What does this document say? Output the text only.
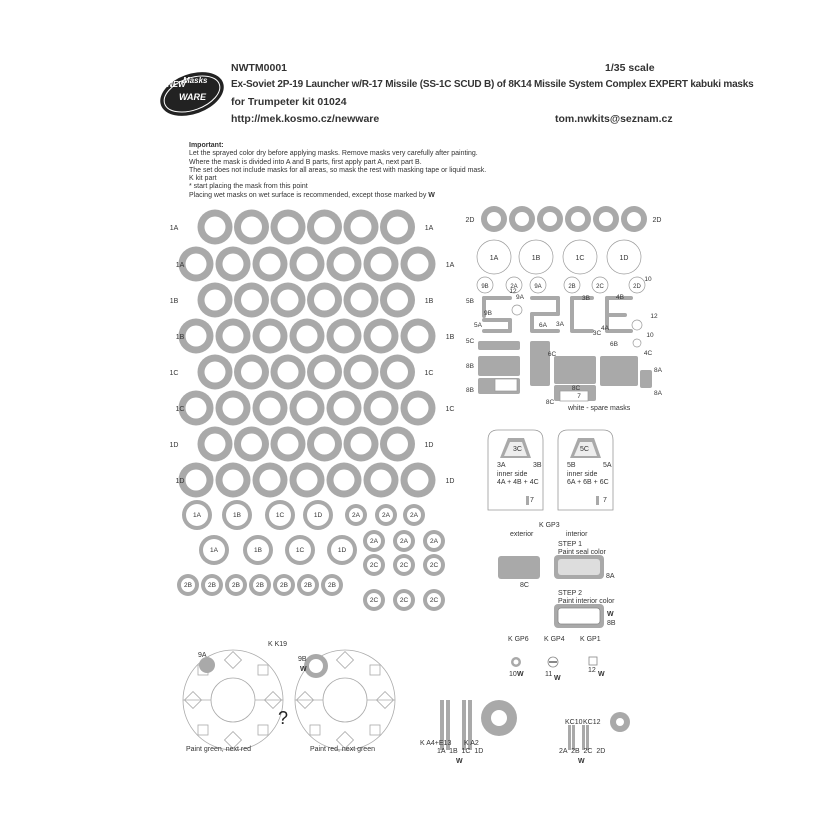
NEW
Masks
WARE
NWTM0001	1/35 scale
Ex-Soviet 2P-19 Launcher w/R-17 Missile (SS-1C SCUD B) of 8K14 Missile System Complex EXPERT kabuki masks
for Trumpeter kit 01024
http://mek.kosmo.cz/newware	tom.nwkits@seznam.cz
Important:
Let the sprayed color dry before applying masks. Remove masks very carefully after painting.
Where the mask is divided into A and B parts, first apply part A, next part B.
The set does not include masks for all areas, so mask the rest with masking tape or liquid mask.
K kit part
* start placing the mask from this point
Placing wet masks on wet surface is recommended, except those marked by W
1A	1A
1A	1A
1B	1B
1B	1B
1C	1C
1C	1C
1D	1D
1D	1D
1A	1B	1C	1D	2A	2A	2A
1A	1B	1C	1D
2A	2A	2A
2C	2C	2C
2C	2C	2C
2B 2B 2B 2B 2B 2B 2B
2D	2D
1A	1B	1C	1D
9B	2A	9A	2B	2C	2D
12
10
5B
9A
9B
4B
5A	6A 3A
4A
3B
12
5C
3C
6B
4C
6C
10
8B
8A
8C
8B	8A
8C
7
3A	3B
3C
inner side
4A + 4B + 4C
7
5B	5A
5C
inner side
6A + 6B + 6C
7
K GP3
exterior	interior
STEP 1
Paint seal color
8C
8A
STEP 2
Paint interior color
W
8B
K GP6 K GP4 K GP1
10 W	11
W
12
W
K K19
9A
9B
W
?
Paint green, next red	Paint red, next green
K A4+E13 K A2
1A  1B  1C  1D
W
KC10 KC12
2A  2B  2C  2D
W
white - spare masks
